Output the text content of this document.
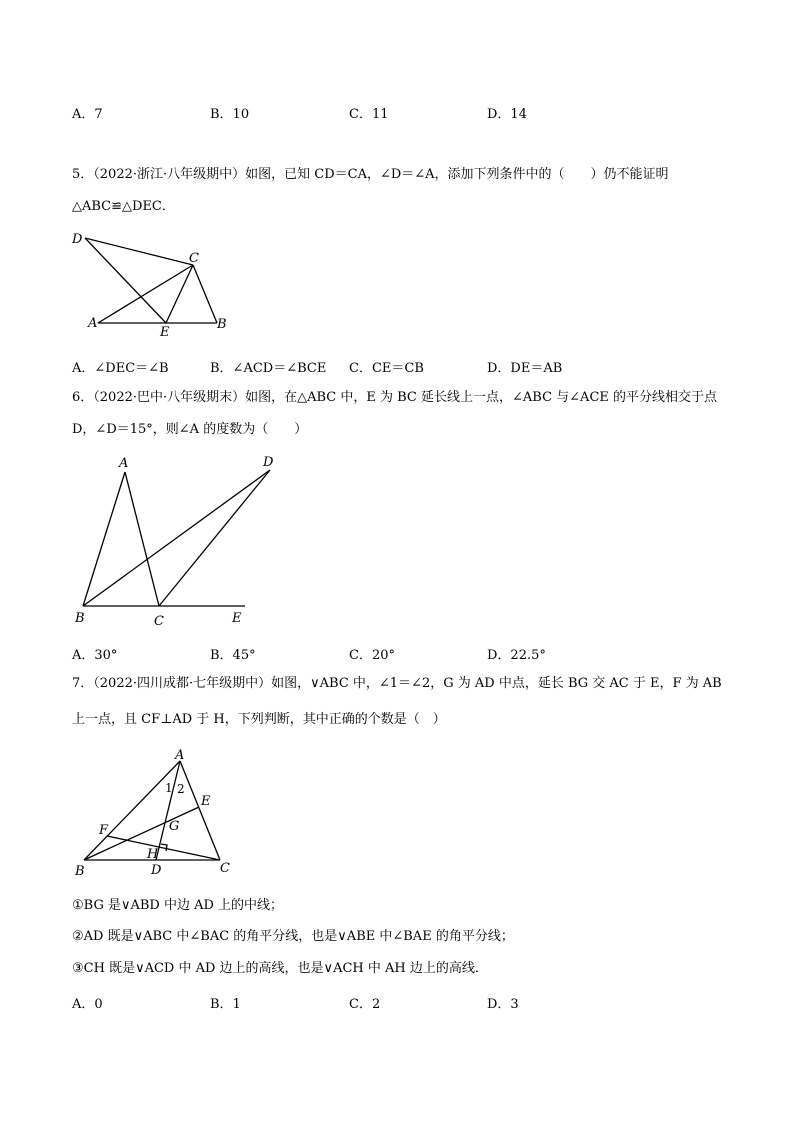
A．7	B．10	C．11	D．14
5．（2022·浙江·八年级期中）如图，已知 CD＝CA，∠D＝∠A，添加下列条件中的（　　）仍不能证明
△ABC≌△DEC．
D
C
A
E
B
A．∠DEC＝∠B	B．∠ACD＝∠BCE C．CE＝CB	D．DE＝AB
6．（2022·巴中·八年级期末）如图，在△ABC 中，E 为 BC 延长线上一点，∠ABC 与∠ACE 的平分线相交于点
D，∠D＝15°，则∠A 的度数为（　　）
A	D
B	C	E
A．30°	B．45°	C．20°	D．22.5°
7．（2022·四川成都·七年级期中）如图，∨ABC 中，∠1＝∠2，G 为 AD 中点，延长 BG 交 AC 于 E，F 为 AB
上一点，且 CF⊥AD 于 H，下列判断，其中正确的个数是（　）
A
1 2
E
F	G
H
B	D	C
①BG 是∨ABD 中边 AD 上的中线；
②AD 既是∨ABC 中∠BAC 的角平分线，也是∨ABE 中∠BAE 的角平分线；
③CH 既是∨ACD 中 AD 边上的高线，也是∨ACH 中 AH 边上的高线．
A．0	B．1	C．2	D．3
